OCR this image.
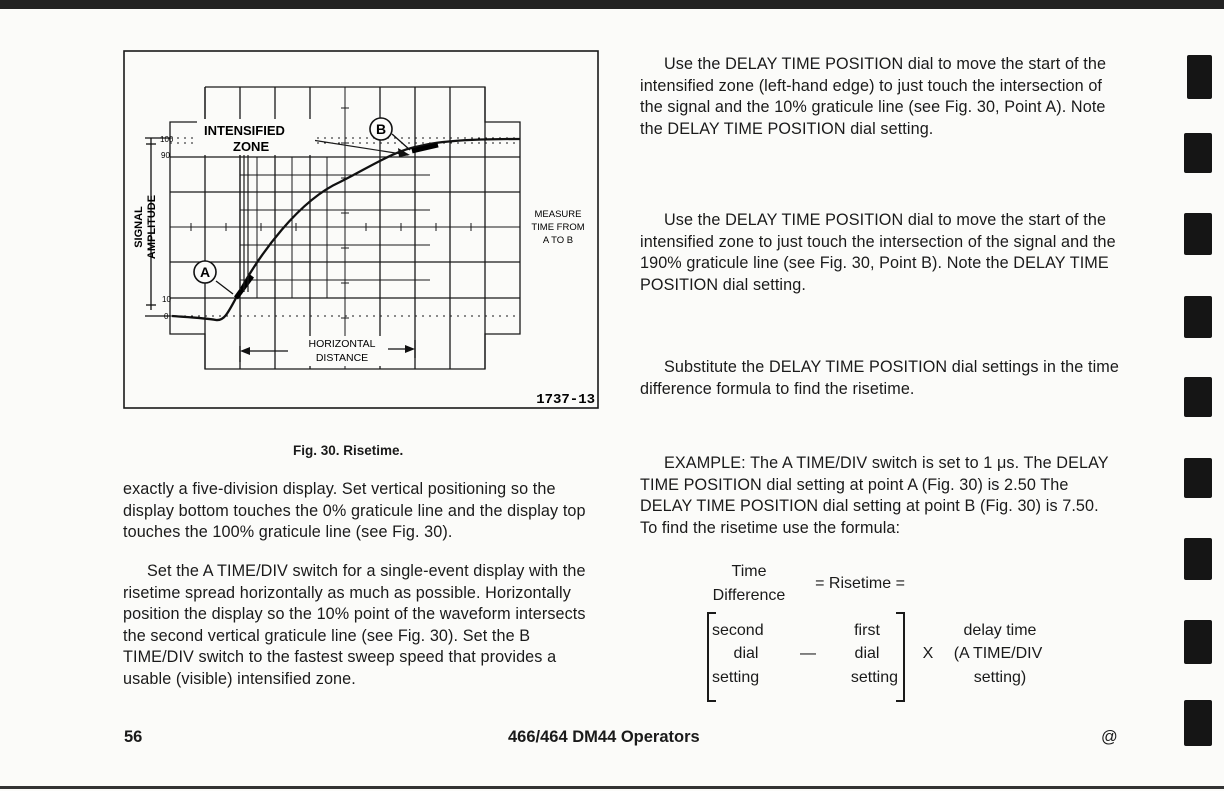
A
B
INTENSIFIED
ZONE
100
90
10
0
SIGNAL AMPLITUDE	MEASURE
TIME FROM
A TO B
HORIZONTAL
DISTANCE
1737-13
Fig. 30. Risetime.

exactly a five-division display. Set vertical positioning so the display bottom touches the 0% graticule line and the display top touches the 100% graticule line (see Fig. 30).

Set the A TIME/DIV switch for a single-event display with the risetime spread horizontally as much as possible. Horizontally position the display so the 10% point of the waveform intersects the second vertical graticule line (see Fig. 30). Set the B TIME/DIV switch to the fastest sweep speed that provides a usable (visible) intensified zone.

Use the DELAY TIME POSITION dial to move the start of the intensified zone (left-hand edge) to just touch the intersection of the signal and the 10% graticule line (see Fig. 30, Point A). Note the DELAY TIME POSITION dial setting.

Use the DELAY TIME POSITION dial to move the start of the intensified zone to just touch the intersection of the signal and the 190% graticule line (see Fig. 30, Point B). Note the DELAY TIME POSITION dial setting.

Substitute the DELAY TIME POSITION dial settings in the time difference formula to find the risetime.

EXAMPLE: The A TIME/DIV switch is set to 1 μs. The DELAY TIME POSITION dial setting at point A (Fig. 30) is 2.50 The DELAY TIME POSITION dial setting at point B (Fig. 30) is 7.50. To find the risetime use the formula:

Time
Difference
= Risetime =
second
dial
setting
—
first
dial
setting
X
delay time
(A TIME/DIV
setting)
56	466/464 DM44 Operators	@
